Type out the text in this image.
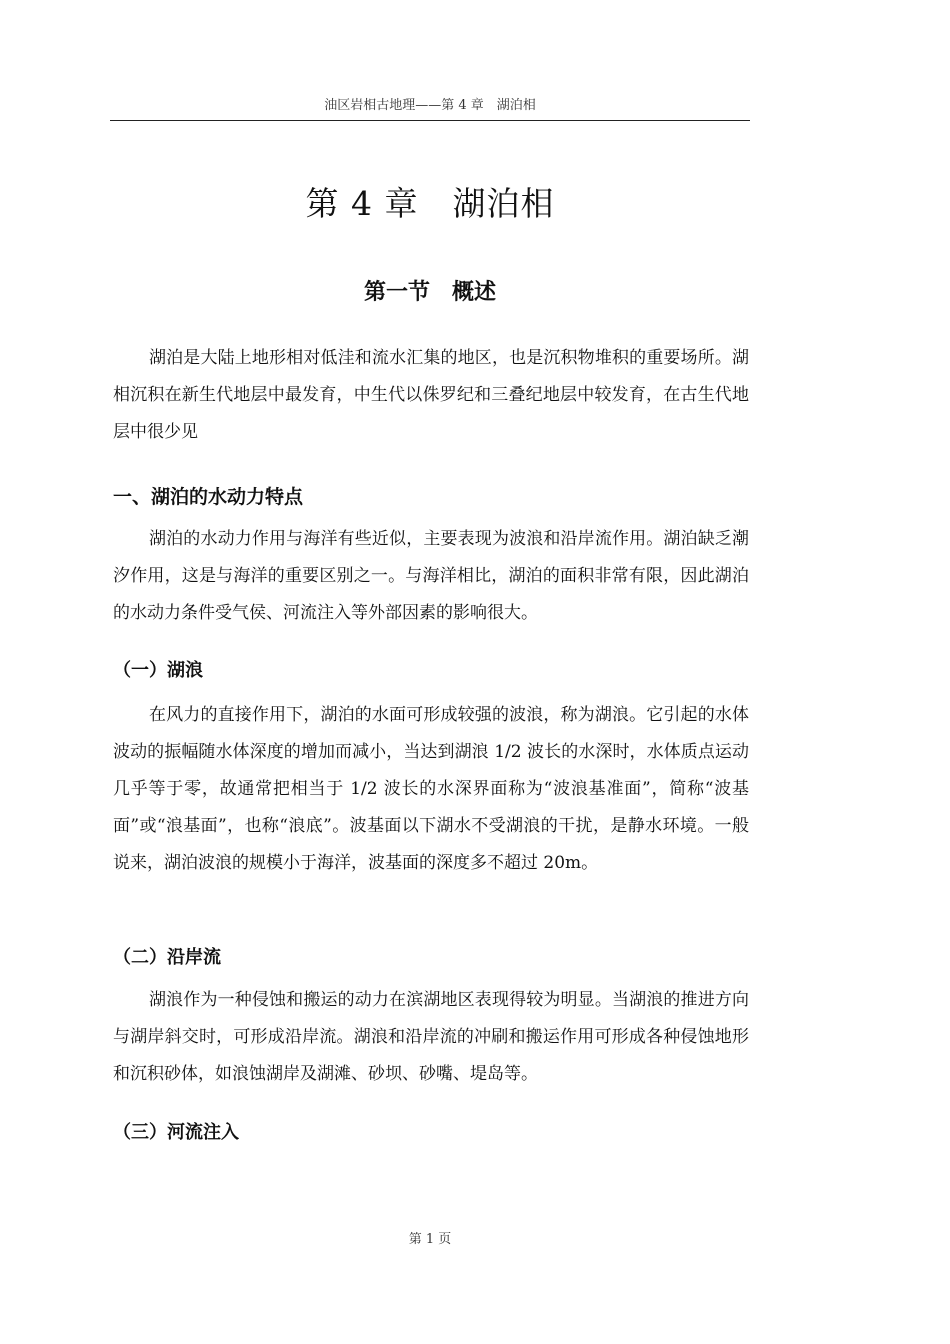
油区岩相古地理——第 4 章　湖泊相
第 4 章　湖泊相
第一节　概述

湖泊是大陆上地形相对低洼和流水汇集的地区，也是沉积物堆积的重要场所。湖相沉积在新生代地层中最发育，中生代以侏罗纪和三叠纪地层中较发育，在古生代地层中很少见

一、湖泊的水动力特点

湖泊的水动力作用与海洋有些近似，主要表现为波浪和沿岸流作用。湖泊缺乏潮汐作用，这是与海洋的重要区别之一。与海洋相比，湖泊的面积非常有限，因此湖泊的水动力条件受气侯、河流注入等外部因素的影响很大。

（一）湖浪

在风力的直接作用下，湖泊的水面可形成较强的波浪，称为湖浪。它引起的水体波动的振幅随水体深度的增加而减小，当达到湖浪 1/2 波长的水深时，水体质点运动几乎等于零，故通常把相当于 1/2 波长的水深界面称为“波浪基准面”，简称“波基面”或“浪基面”，也称“浪底”。波基面以下湖水不受湖浪的干扰，是静水环境。一般说来，湖泊波浪的规模小于海洋，波基面的深度多不超过 20m。

（二）沿岸流

湖浪作为一种侵蚀和搬运的动力在滨湖地区表现得较为明显。当湖浪的推进方向与湖岸斜交时，可形成沿岸流。湖浪和沿岸流的冲刷和搬运作用可形成各种侵蚀地形和沉积砂体，如浪蚀湖岸及湖滩、砂坝、砂嘴、堤岛等。

（三）河流注入
第 1 页
